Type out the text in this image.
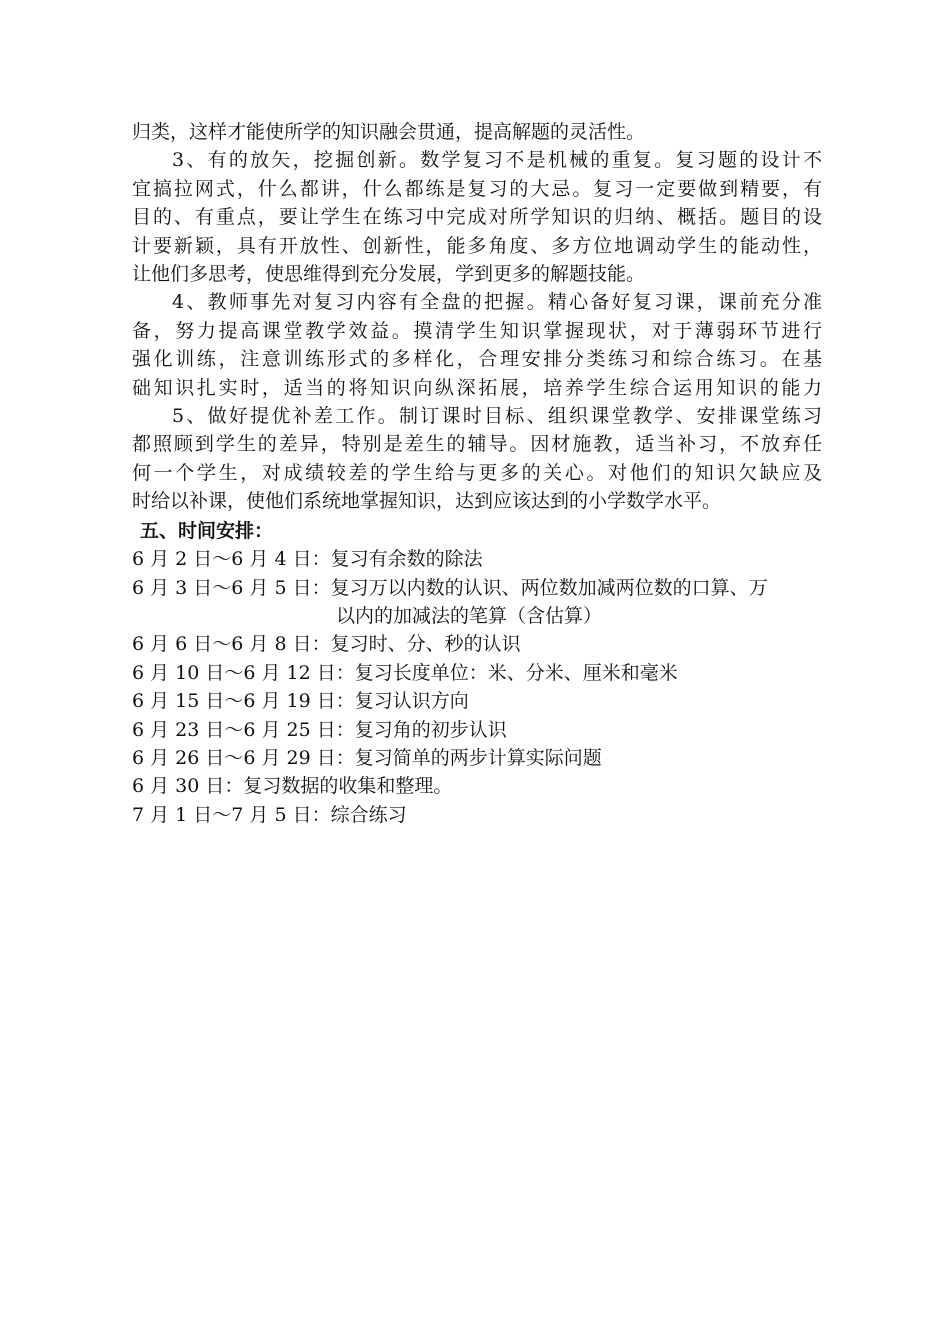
归类，这样才能使所学的知识融会贯通，提高解题的灵活性。
3、有的放矢，挖掘创新。数学复习不是机械的重复。复习题的设计不
宜搞拉网式，什么都讲，什么都练是复习的大忌。复习一定要做到精要，有
目的、有重点，要让学生在练习中完成对所学知识的归纳、概括。题目的设
计要新颖，具有开放性、创新性，能多角度、多方位地调动学生的能动性，
让他们多思考，使思维得到充分发展，学到更多的解题技能。
4、教师事先对复习内容有全盘的把握。精心备好复习课，课前充分准
备，努力提高课堂教学效益。摸清学生知识掌握现状，对于薄弱环节进行
强化训练，注意训练形式的多样化，合理安排分类练习和综合练习。在基
础知识扎实时，适当的将知识向纵深拓展，培养学生综合运用知识的能力
5、做好提优补差工作。制订课时目标、组织课堂教学、安排课堂练习
都照顾到学生的差异，特别是差生的辅导。因材施教，适当补习，不放弃任
何一个学生，对成绩较差的学生给与更多的关心。对他们的知识欠缺应及
时给以补课，使他们系统地掌握知识，达到应该达到的小学数学水平。
五、时间安排：
6 月 2 日～6 月 4 日：复习有余数的除法
6 月 3 日～6 月 5 日：复习万以内数的认识、两位数加减两位数的口算、万
以内的加减法的笔算（含估算）
6 月 6 日～6 月 8 日：复习时、分、秒的认识
6 月 10 日～6 月 12 日：复习长度单位：米、分米、厘米和毫米
6 月 15 日～6 月 19 日：复习认识方向
6 月 23 日～6 月 25 日：复习角的初步认识
6 月 26 日～6 月 29 日：复习简单的两步计算实际问题
6 月 30 日：复习数据的收集和整理。
7 月 1 日～7 月 5 日：综合练习
